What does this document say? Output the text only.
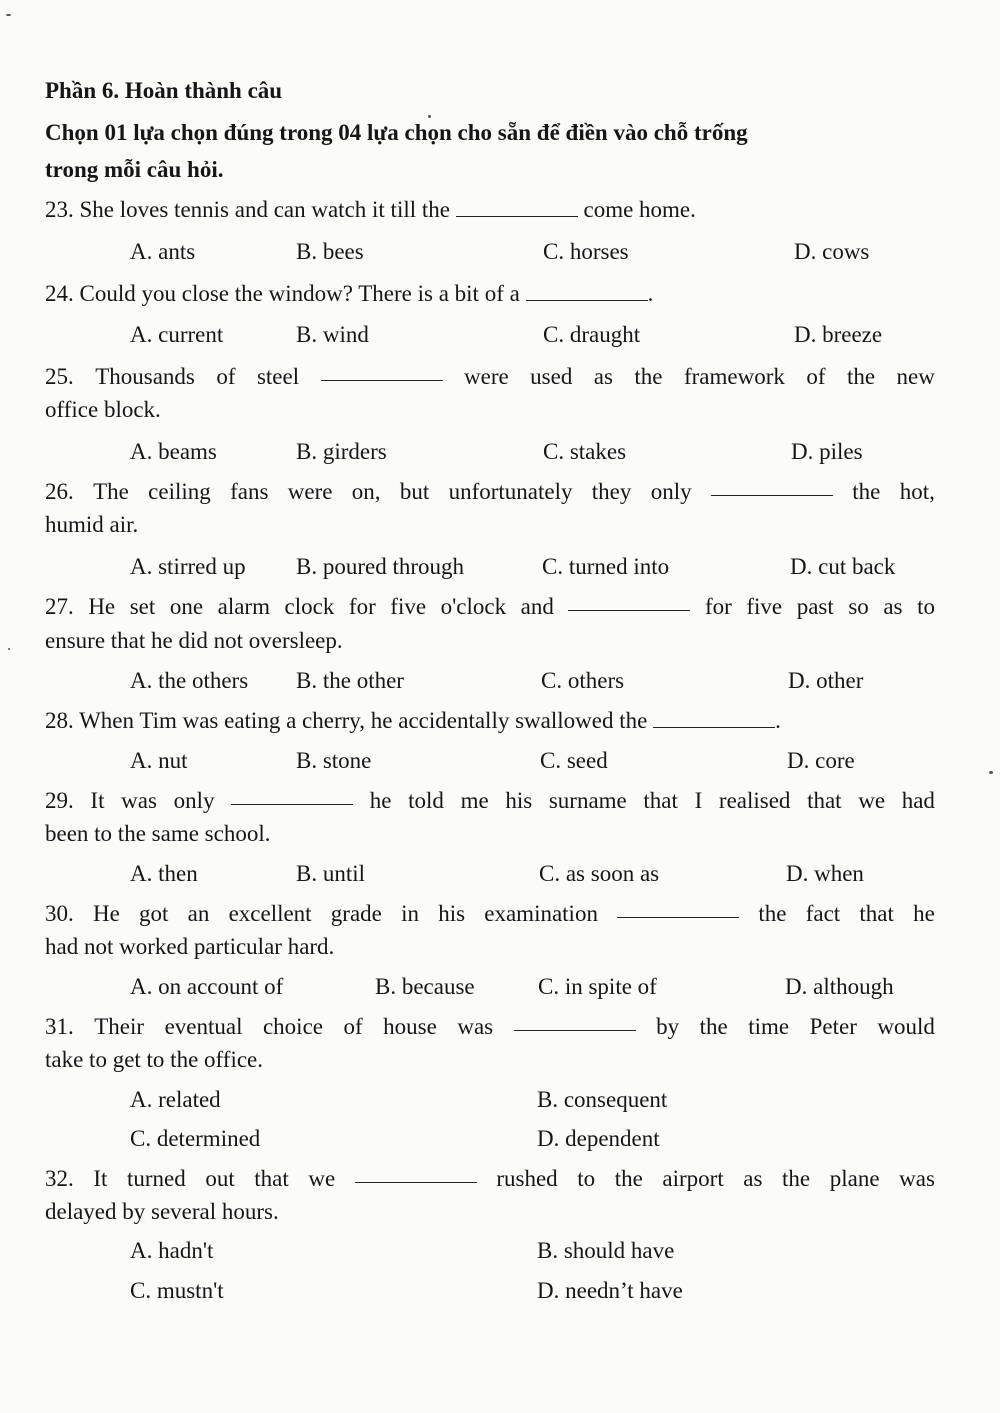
Phần 6. Hoàn thành câu
Chọn 01 lựa chọn đúng trong 04 lựa chọn cho sẵn để điền vào chỗ trống
trong mỗi câu hỏi.
23. She loves tennis and can watch it till the	come home.
A. ants	B. bees	C. horses	D. cows
24. Could you close the window? There is a bit of a	.
A. current	B. wind	C. draught	D. breeze
25. Thousands of steel	were used as the framework of the new
office block.
A. beams	B. girders	C. stakes	D. piles
26. The ceiling fans were on, but unfortunately they only	the hot,
humid air.
A. stirred up B. poured through	C. turned into	D. cut back
27. He set one alarm clock for five o'clock and	for five past so as to
ensure that he did not oversleep.
A. the others B. the other	C. others	D. other
28. When Tim was eating a cherry, he accidentally swallowed the	.
A. nut	B. stone	C. seed	D. core
29. It was only	he told me his surname that I realised that we had
been to the same school.
A. then	B. until	C. as soon as	D. when
30. He got an excellent grade in his examination	the fact that he
had not worked particular hard.
A. on account of	B. because	C. in spite of	D. although
31. Their eventual choice of house was	by the time Peter would
take to get to the office.
A. related	B. consequent
C. determined	D. dependent
32. It turned out that we	rushed to the airport as the plane was
delayed by several hours.
A. hadn't	B. should have
C. mustn't	D. needn’t have
